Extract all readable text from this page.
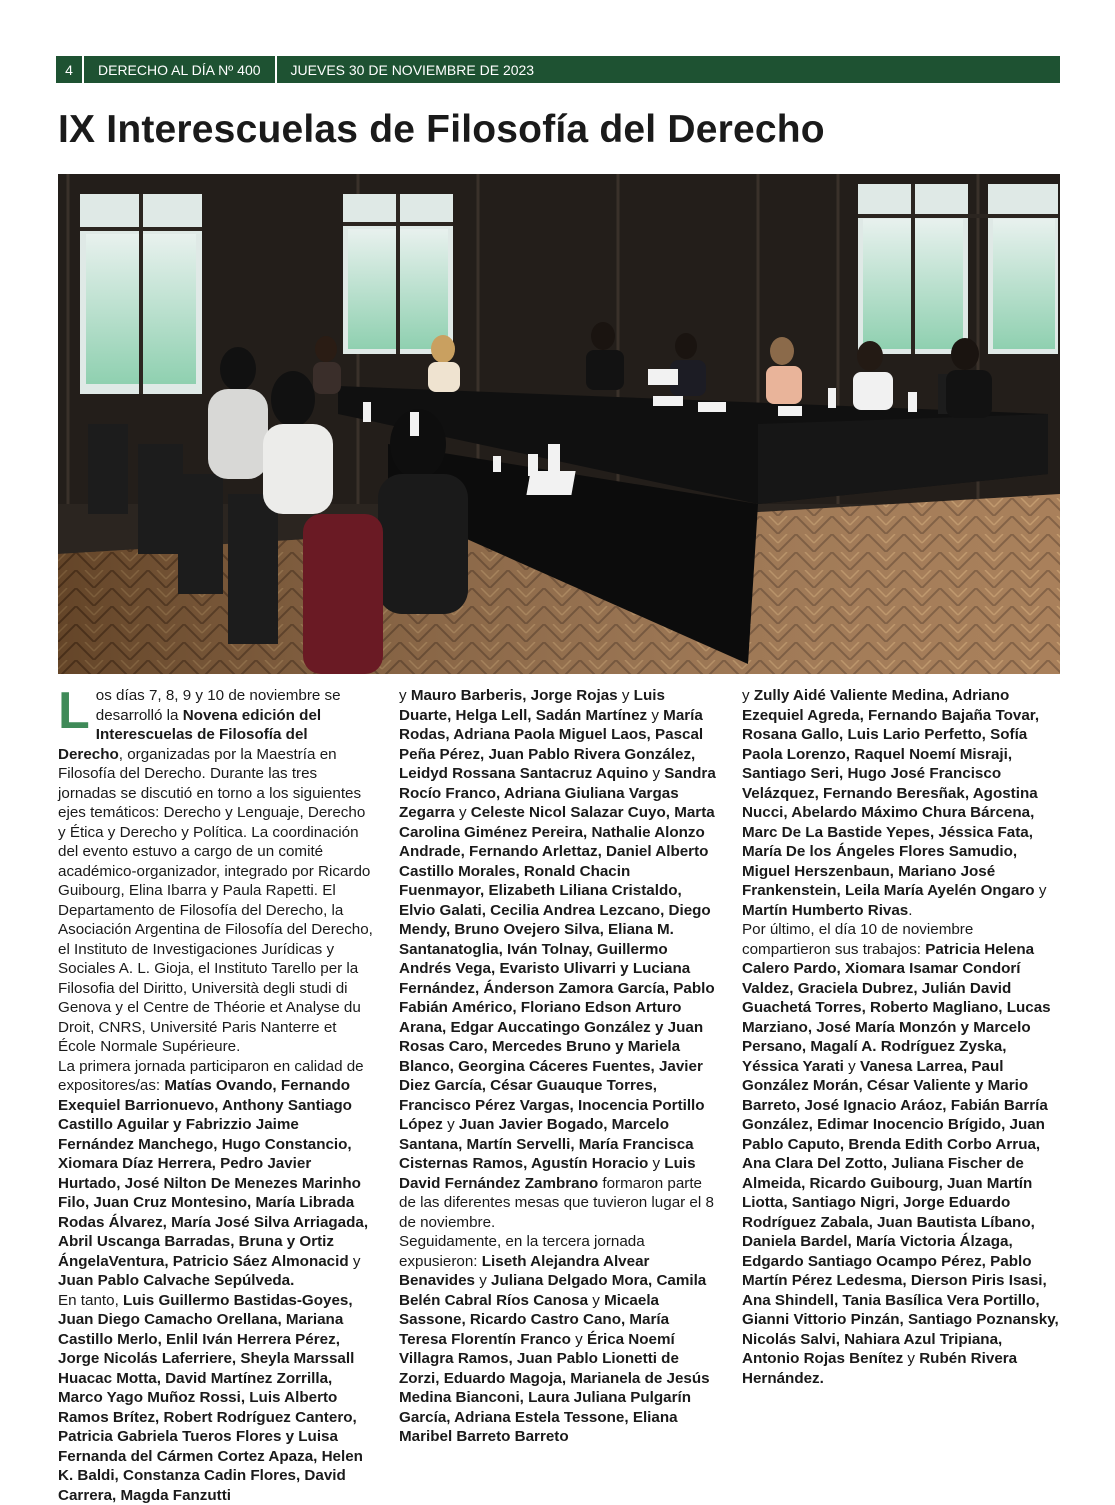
4	DERECHO AL DÍA Nº 400	JUEVES 30 DE NOVIEMBRE DE 2023
IX Interescuelas de Filosofía del Derecho

Los días 7, 8, 9 y 10 de noviembre se desarrolló la Novena edición del Interescuelas de Filosofía del Derecho, organizadas por la Maestría en Filosofía del Derecho. Durante las tres jornadas se discutió en torno a los siguientes ejes temáticos: Derecho y Lenguaje, Derecho y Ética y Derecho y Política. La coordinación del evento estuvo a cargo de un comité académico-organizador, integrado por Ricardo Guibourg, Elina Ibarra y Paula Rapetti. El Departamento de Filosofía del Derecho, la Asociación Argentina de Filosofía del Derecho, el Instituto de Investigaciones Jurídicas y Sociales A. L. Gioja, el Instituto Tarello per la Filosofia del Diritto, Università degli studi di Genova y el Centre de Théorie et Analyse du Droit, CNRS, Université Paris Nanterre et École Normale Supérieure.

La primera jornada participaron en calidad de expositores/as: Matías Ovando, Fernando Exequiel Barrionuevo, Anthony Santiago Castillo Aguilar y Fabrizzio Jaime Fernández Manchego, Hugo Constancio, Xiomara Díaz Herrera, Pedro Javier Hurtado, José Nilton De Menezes Marinho Filo, Juan Cruz Montesino, María Librada Rodas Álvarez, María José Silva Arriagada, Abril Uscanga Barradas, Bruna y Ortiz ÁngelaVentura, Patricio Sáez Almonacid y Juan Pablo Calvache Sepúlveda.

En tanto, Luis Guillermo Bastidas-Goyes, Juan Diego Camacho Orellana, Mariana Castillo Merlo, Enlil Iván Herrera Pérez, Jorge Nicolás Laferriere, Sheyla Marssall Huacac Motta, David Martínez Zorrilla, Marco Yago Muñoz Rossi, Luis Alberto Ramos Brítez, Robert Rodríguez Cantero, Patricia Gabriela Tueros Flores y Luisa Fernanda del Cármen Cortez Apaza, Helen K. Baldi, Constanza Cadin Flores, David Carrera, Magda Fanzutti

y Mauro Barberis, Jorge Rojas y Luis Duarte, Helga Lell, Sadán Martínez y María Rodas, Adriana Paola Miguel Laos, Pascal Peña Pérez, Juan Pablo Rivera González, Leidyd Rossana Santacruz Aquino y Sandra Rocío Franco, Adriana Giuliana Vargas Zegarra y Celeste Nicol Salazar Cuyo, Marta Carolina Giménez Pereira, Nathalie Alonzo Andrade, Fernando Arlettaz, Daniel Alberto Castillo Morales, Ronald Chacin Fuenmayor, Elizabeth Liliana Cristaldo, Elvio Galati, Cecilia Andrea Lezcano, Diego Mendy, Bruno Ovejero Silva, Eliana M. Santanatoglia, Iván Tolnay, Guillermo Andrés Vega, Evaristo Ulivarri y Luciana Fernández, Ánderson Zamora García, Pablo Fabián Américo, Floriano Edson Arturo Arana, Edgar Auccatingo González y Juan Rosas Caro, Mercedes Bruno y Mariela Blanco, Georgina Cáceres Fuentes, Javier Diez García, César Guauque Torres, Francisco Pérez Vargas, Inocencia Portillo López y Juan Javier Bogado, Marcelo Santana, Martín Servelli, María Francisca Cisternas Ramos, Agustín Horacio y Luis David Fernández Zambrano formaron parte de las diferentes mesas que tuvieron lugar el 8 de noviembre.

Seguidamente, en la tercera jornada expusieron: Liseth Alejandra Alvear Benavides y Juliana Delgado Mora, Camila Belén Cabral Ríos Canosa y Micaela Sassone, Ricardo Castro Cano, María Teresa Florentín Franco y Érica Noemí Villagra Ramos, Juan Pablo Lionetti de Zorzi, Eduardo Magoja, Marianela de Jesús Medina Bianconi, Laura Juliana Pulgarín García, Adriana Estela Tessone, Eliana Maribel Barreto Barreto

y Zully Aidé Valiente Medina, Adriano Ezequiel Agreda, Fernando Bajaña Tovar, Rosana Gallo, Luis Lario Perfetto, Sofía Paola Lorenzo, Raquel Noemí Misraji, Santiago Seri, Hugo José Francisco Velázquez, Fernando Beresñak, Agostina Nucci, Abelardo Máximo Chura Bárcena, Marc De La Bastide Yepes, Jéssica Fata, María De los Ángeles Flores Samudio, Miguel Herszenbaun, Mariano José Frankenstein, Leila María Ayelén Ongaro y Martín Humberto Rivas.

Por último, el día 10 de noviembre compartieron sus trabajos: Patricia Helena Calero Pardo, Xiomara Isamar Condorí Valdez, Graciela Dubrez, Julián David Guachetá Torres, Roberto Magliano, Lucas Marziano, José María Monzón y Marcelo Persano, Magalí A. Rodríguez Zyska, Yéssica Yarati y Vanesa Larrea, Paul González Morán, César Valiente y Mario Barreto, José Ignacio Aráoz, Fabián Barría González, Edimar Inocencio Brígido, Juan Pablo Caputo, Brenda Edith Corbo Arrua, Ana Clara Del Zotto, Juliana Fischer de Almeida, Ricardo Guibourg, Juan Martín Liotta, Santiago Nigri, Jorge Eduardo Rodríguez Zabala, Juan Bautista Líbano, Daniela Bardel, María Victoria Álzaga, Edgardo Santiago Ocampo Pérez, Pablo Martín Pérez Ledesma, Dierson Piris Isasi, Ana Shindell, Tania Basílica Vera Portillo, Gianni Vittorio Pinzán, Santiago Poznansky, Nicolás Salvi, Nahiara Azul Tripiana, Antonio Rojas Benítez y Rubén Rivera Hernández.
